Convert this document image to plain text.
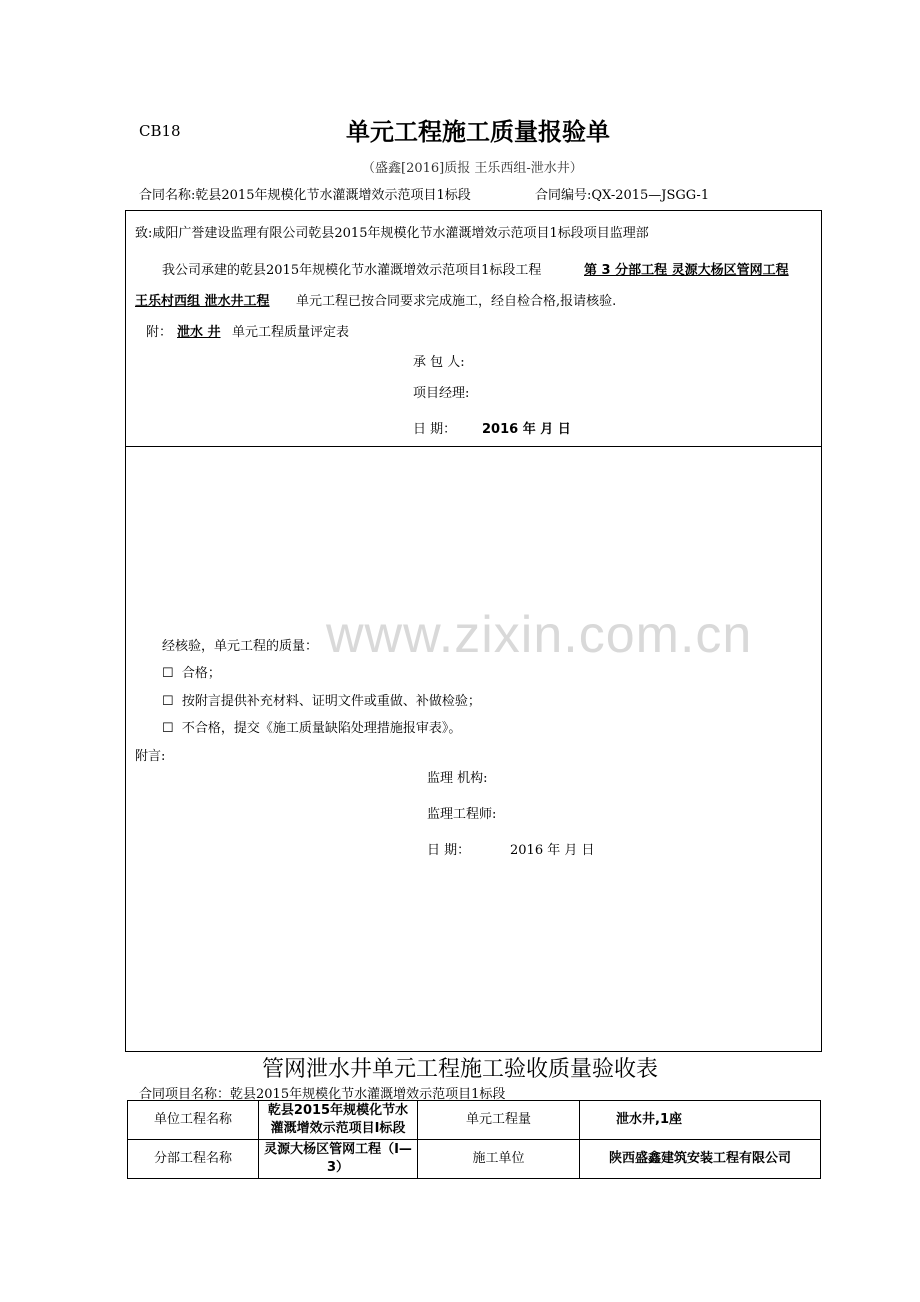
CB18	单元工程施工质量报验单
（盛鑫[2016]质报 王乐西组-泄水井）
合同名称:乾县2015年规模化节水灌溉增效示范项目1标段	合同编号:QX-2015—JSGG-1
致:咸阳广誉建设监理有限公司乾县2015年规模化节水灌溉增效示范项目1标段项目监理部
我公司承建的乾县2015年规模化节水灌溉增效示范项目1标段工程	第 3 分部工程 灵源大杨区管网工程
王乐村西组 泄水井工程 单元工程已按合同要求完成施工，经自检合格,报请核验.
附： 泄水 井 单元工程质量评定表
承 包 人:
项目经理:
日 期： 2016 年 月 日
www.zixin.com.cn
经核验，单元工程的质量：
☐ 合格；
☐ 按附言提供补充材料、证明文件或重做、补做检验；
☐ 不合格，提交《施工质量缺陷处理措施报审表》。
附言:
监理 机构:
监理工程师:
日 期：	2016 年 月 日
管网泄水井单元工程施工验收质量验收表
合同项目名称：乾县2015年规模化节水灌溉增效示范项目1标段
单位工程名称	乾县2015年规模化节水灌溉增效示范项目Ⅰ标段	单元工程量	泄水井,1座
分部工程名称	灵源大杨区管网工程（Ⅰ—3）	施工单位	陕西盛鑫建筑安装工程有限公司
